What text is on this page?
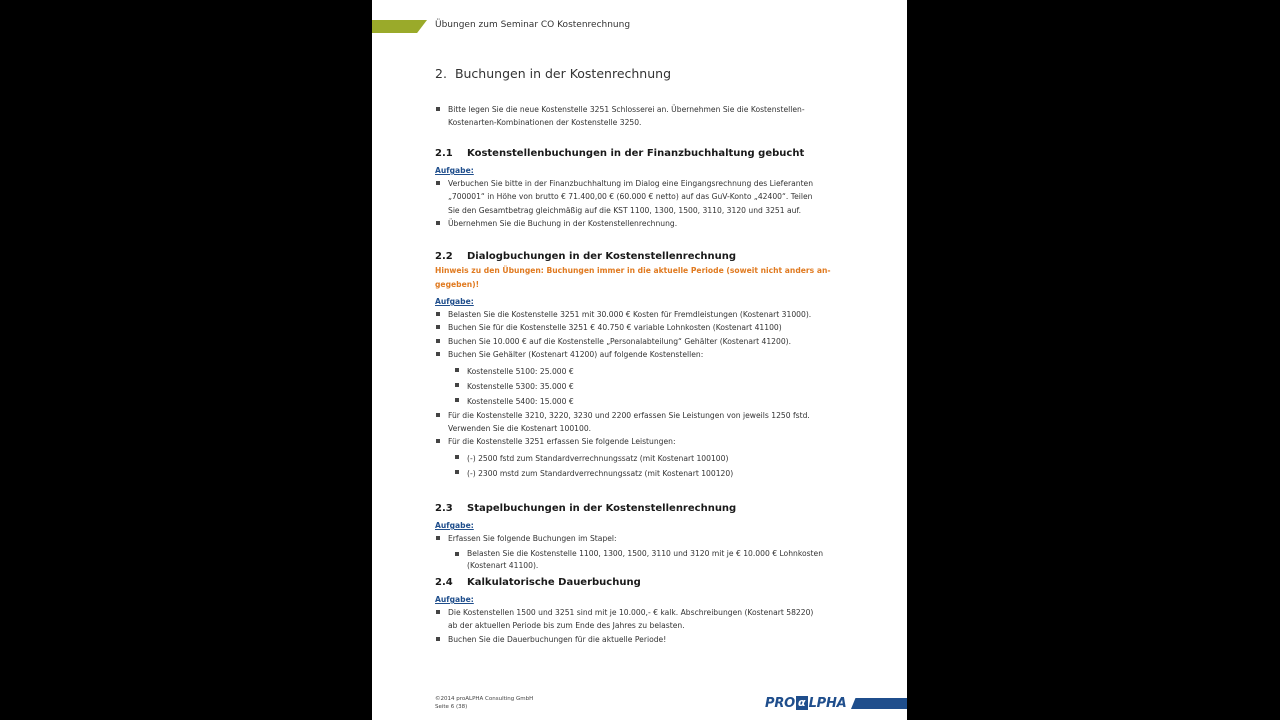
Übungen zum Seminar CO Kostenrechnung
2. Buchungen in der Kostenrechnung
Bitte legen Sie die neue Kostenstelle 3251 Schlosserei an. Übernehmen Sie die Kostenstellen-
Kostenarten-Kombinationen der Kostenstelle 3250.
2.1 Kostenstellenbuchungen in der Finanzbuchhaltung gebucht
Aufgabe:
Verbuchen Sie bitte in der Finanzbuchhaltung im Dialog eine Eingangsrechnung des Lieferanten
„700001“ in Höhe von brutto € 71.400,00 € (60.000 € netto) auf das GuV-Konto „42400“. Teilen
Sie den Gesamtbetrag gleichmäßig auf die KST 1100, 1300, 1500, 3110, 3120 und 3251 auf.
Übernehmen Sie die Buchung in der Kostenstellenrechnung.
2.2 Dialogbuchungen in der Kostenstellenrechnung
Hinweis zu den Übungen: Buchungen immer in die aktuelle Periode (soweit nicht anders an-
gegeben)!
Aufgabe:
Belasten Sie die Kostenstelle 3251 mit 30.000 € Kosten für Fremdleistungen (Kostenart 31000).
Buchen Sie für die Kostenstelle 3251 € 40.750 € variable Lohnkosten (Kostenart 41100)
Buchen Sie 10.000 € auf die Kostenstelle „Personalabteilung“ Gehälter (Kostenart 41200).
Buchen Sie Gehälter (Kostenart 41200) auf folgende Kostenstellen:
Kostenstelle 5100: 25.000 €
Kostenstelle 5300: 35.000 €
Kostenstelle 5400: 15.000 €
Für die Kostenstelle 3210, 3220, 3230 und 2200 erfassen Sie Leistungen von jeweils 1250 fstd.
Verwenden Sie die Kostenart 100100.
Für die Kostenstelle 3251 erfassen Sie folgende Leistungen:
(-) 2500 fstd zum Standardverrechnungssatz (mit Kostenart 100100)
(-) 2300 mstd zum Standardverrechnungssatz (mit Kostenart 100120)
2.3 Stapelbuchungen in der Kostenstellenrechnung
Aufgabe:
Erfassen Sie folgende Buchungen im Stapel:
Belasten Sie die Kostenstelle 1100, 1300, 1500, 3110 und 3120 mit je € 10.000 € Lohnkosten
(Kostenart 41100).
2.4 Kalkulatorische Dauerbuchung
Aufgabe:
Die Kostenstellen 1500 und 3251 sind mit je 10.000,- € kalk. Abschreibungen (Kostenart 58220)
ab der aktuellen Periode bis zum Ende des Jahres zu belasten.
Buchen Sie die Dauerbuchungen für die aktuelle Periode!
©2014 proALPHA Consulting GmbH
Seite 6 (38)	PRO α LPHA
